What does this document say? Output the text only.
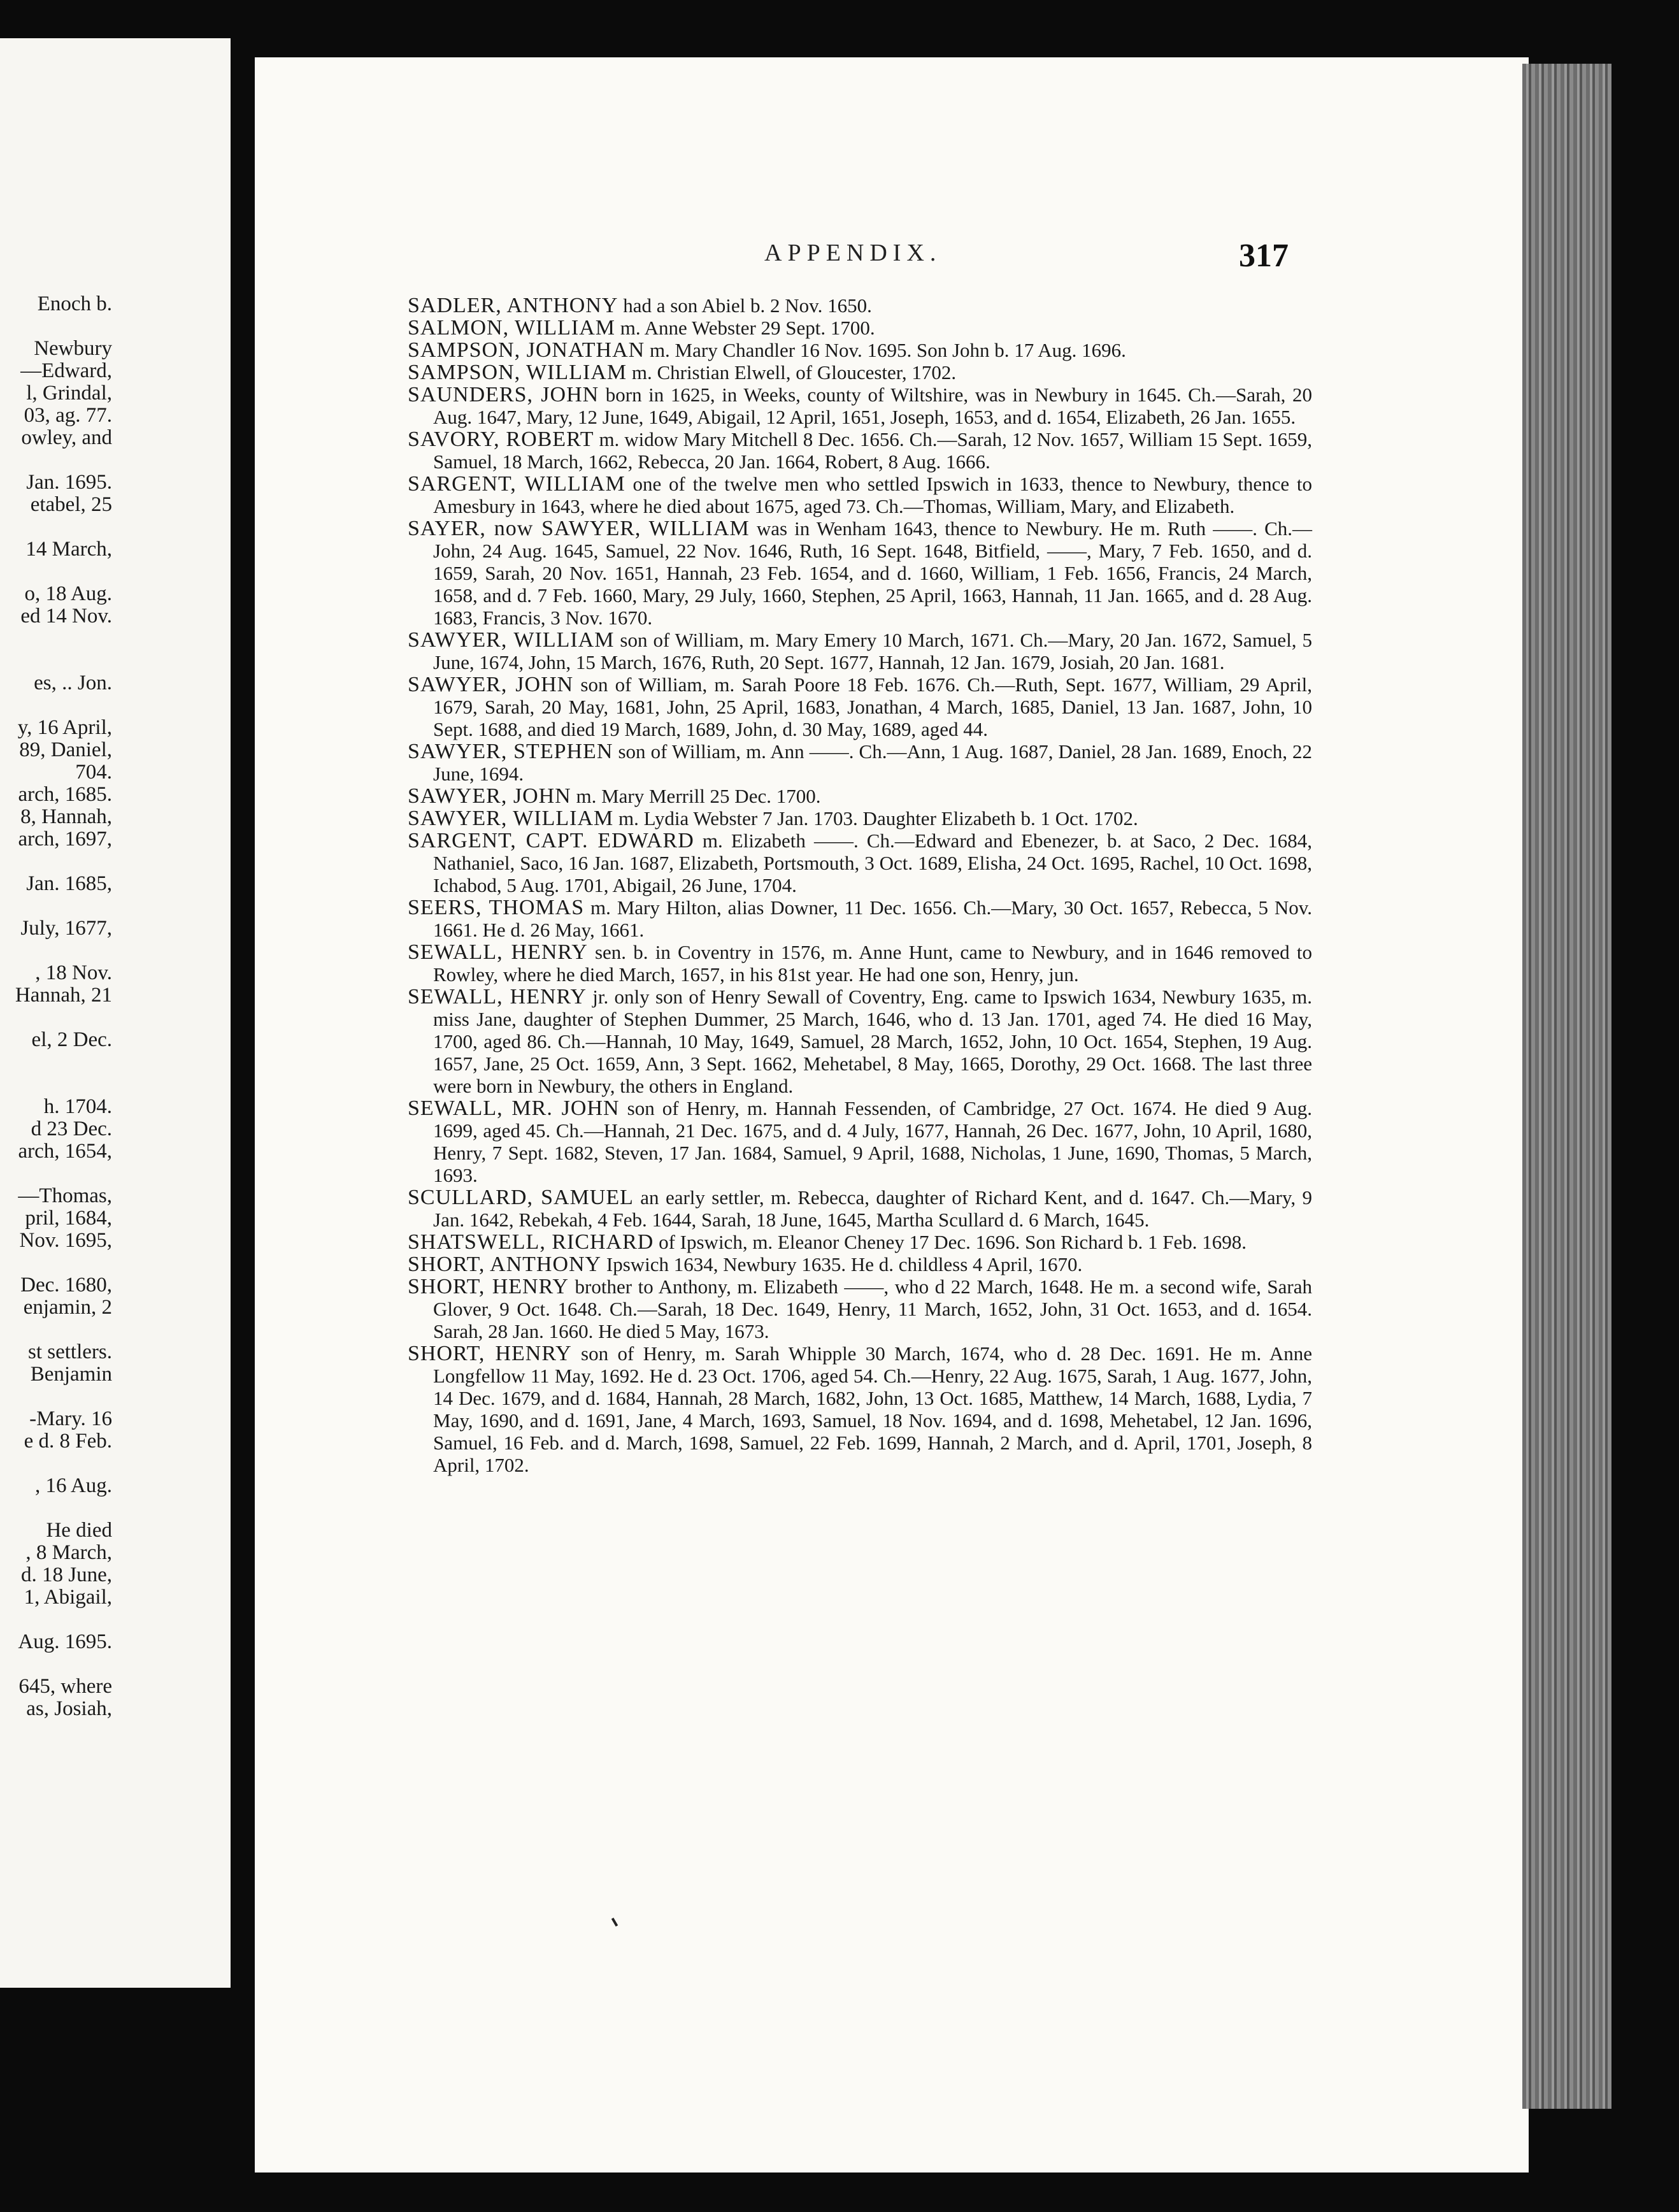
Enoch b.
Newbury
—Edward,
l, Grindal,
03, ag. 77.
owley, and
Jan. 1695.
etabel, 25
14 March,
o, 18 Aug.
ed 14 Nov.
es, .. Jon.
y, 16 April,
89, Daniel,
704.
arch, 1685.
8, Hannah,
arch, 1697,
Jan. 1685,
July, 1677,
, 18 Nov.
Hannah, 21
el, 2 Dec.
h. 1704.
d 23 Dec.
arch, 1654,
—Thomas,
pril, 1684,
Nov. 1695,
Dec. 1680,
enjamin, 2
st settlers.
Benjamin
-Mary. 16
e d. 8 Feb.
, 16 Aug.
He died
, 8 March,
d. 18 June,
1, Abigail,
Aug. 1695.
645, where
as, Josiah,
APPENDIX.	317

SADLER, ANTHONY had a son Abiel b. 2 Nov. 1650.

SALMON, WILLIAM m. Anne Webster 29 Sept. 1700.

SAMPSON, JONATHAN m. Mary Chandler 16 Nov. 1695. Son John b. 17 Aug. 1696.

SAMPSON, WILLIAM m. Christian Elwell, of Gloucester, 1702.

SAUNDERS, JOHN born in 1625, in Weeks, county of Wiltshire, was in Newbury in 1645. Ch.—Sarah, 20 Aug. 1647, Mary, 12 June, 1649, Abigail, 12 April, 1651, Joseph, 1653, and d. 1654, Elizabeth, 26 Jan. 1655.

SAVORY, ROBERT m. widow Mary Mitchell 8 Dec. 1656. Ch.—Sarah, 12 Nov. 1657, William 15 Sept. 1659, Samuel, 18 March, 1662, Rebecca, 20 Jan. 1664, Robert, 8 Aug. 1666.

SARGENT, WILLIAM one of the twelve men who settled Ipswich in 1633, thence to Newbury, thence to Amesbury in 1643, where he died about 1675, aged 73. Ch.—Thomas, William, Mary, and Elizabeth.

SAYER, now SAWYER, WILLIAM was in Wenham 1643, thence to Newbury. He m. Ruth ——. Ch.—John, 24 Aug. 1645, Samuel, 22 Nov. 1646, Ruth, 16 Sept. 1648, Bitfield, ——, Mary, 7 Feb. 1650, and d. 1659, Sarah, 20 Nov. 1651, Hannah, 23 Feb. 1654, and d. 1660, William, 1 Feb. 1656, Francis, 24 March, 1658, and d. 7 Feb. 1660, Mary, 29 July, 1660, Stephen, 25 April, 1663, Hannah, 11 Jan. 1665, and d. 28 Aug. 1683, Francis, 3 Nov. 1670.

SAWYER, WILLIAM son of William, m. Mary Emery 10 March, 1671. Ch.—Mary, 20 Jan. 1672, Samuel, 5 June, 1674, John, 15 March, 1676, Ruth, 20 Sept. 1677, Hannah, 12 Jan. 1679, Josiah, 20 Jan. 1681.

SAWYER, JOHN son of William, m. Sarah Poore 18 Feb. 1676. Ch.—Ruth, Sept. 1677, William, 29 April, 1679, Sarah, 20 May, 1681, John, 25 April, 1683, Jonathan, 4 March, 1685, Daniel, 13 Jan. 1687, John, 10 Sept. 1688, and died 19 March, 1689, John, d. 30 May, 1689, aged 44.

SAWYER, STEPHEN son of William, m. Ann ——. Ch.—Ann, 1 Aug. 1687, Daniel, 28 Jan. 1689, Enoch, 22 June, 1694.

SAWYER, JOHN m. Mary Merrill 25 Dec. 1700.

SAWYER, WILLIAM m. Lydia Webster 7 Jan. 1703. Daughter Elizabeth b. 1 Oct. 1702.

SARGENT, CAPT. EDWARD m. Elizabeth ——. Ch.—Edward and Ebenezer, b. at Saco, 2 Dec. 1684, Nathaniel, Saco, 16 Jan. 1687, Elizabeth, Portsmouth, 3 Oct. 1689, Elisha, 24 Oct. 1695, Rachel, 10 Oct. 1698, Ichabod, 5 Aug. 1701, Abigail, 26 June, 1704.

SEERS, THOMAS m. Mary Hilton, alias Downer, 11 Dec. 1656. Ch.—Mary, 30 Oct. 1657, Rebecca, 5 Nov. 1661. He d. 26 May, 1661.

SEWALL, HENRY sen. b. in Coventry in 1576, m. Anne Hunt, came to Newbury, and in 1646 removed to Rowley, where he died March, 1657, in his 81st year. He had one son, Henry, jun.

SEWALL, HENRY jr. only son of Henry Sewall of Coventry, Eng. came to Ipswich 1634, Newbury 1635, m. miss Jane, daughter of Stephen Dummer, 25 March, 1646, who d. 13 Jan. 1701, aged 74. He died 16 May, 1700, aged 86. Ch.—Hannah, 10 May, 1649, Samuel, 28 March, 1652, John, 10 Oct. 1654, Stephen, 19 Aug. 1657, Jane, 25 Oct. 1659, Ann, 3 Sept. 1662, Mehetabel, 8 May, 1665, Dorothy, 29 Oct. 1668. The last three were born in Newbury, the others in England.

SEWALL, MR. JOHN son of Henry, m. Hannah Fessenden, of Cambridge, 27 Oct. 1674. He died 9 Aug. 1699, aged 45. Ch.—Hannah, 21 Dec. 1675, and d. 4 July, 1677, Hannah, 26 Dec. 1677, John, 10 April, 1680, Henry, 7 Sept. 1682, Steven, 17 Jan. 1684, Samuel, 9 April, 1688, Nicholas, 1 June, 1690, Thomas, 5 March, 1693.

SCULLARD, SAMUEL an early settler, m. Rebecca, daughter of Richard Kent, and d. 1647. Ch.—Mary, 9 Jan. 1642, Rebekah, 4 Feb. 1644, Sarah, 18 June, 1645, Martha Scullard d. 6 March, 1645.

SHATSWELL, RICHARD of Ipswich, m. Eleanor Cheney 17 Dec. 1696. Son Richard b. 1 Feb. 1698.

SHORT, ANTHONY Ipswich 1634, Newbury 1635. He d. childless 4 April, 1670.

SHORT, HENRY brother to Anthony, m. Elizabeth ——, who d 22 March, 1648. He m. a second wife, Sarah Glover, 9 Oct. 1648. Ch.—Sarah, 18 Dec. 1649, Henry, 11 March, 1652, John, 31 Oct. 1653, and d. 1654. Sarah, 28 Jan. 1660. He died 5 May, 1673.

SHORT, HENRY son of Henry, m. Sarah Whipple 30 March, 1674, who d. 28 Dec. 1691. He m. Anne Longfellow 11 May, 1692. He d. 23 Oct. 1706, aged 54. Ch.—Henry, 22 Aug. 1675, Sarah, 1 Aug. 1677, John, 14 Dec. 1679, and d. 1684, Hannah, 28 March, 1682, John, 13 Oct. 1685, Matthew, 14 March, 1688, Lydia, 7 May, 1690, and d. 1691, Jane, 4 March, 1693, Samuel, 18 Nov. 1694, and d. 1698, Mehetabel, 12 Jan. 1696, Samuel, 16 Feb. and d. March, 1698, Samuel, 22 Feb. 1699, Hannah, 2 March, and d. April, 1701, Joseph, 8 April, 1702.
